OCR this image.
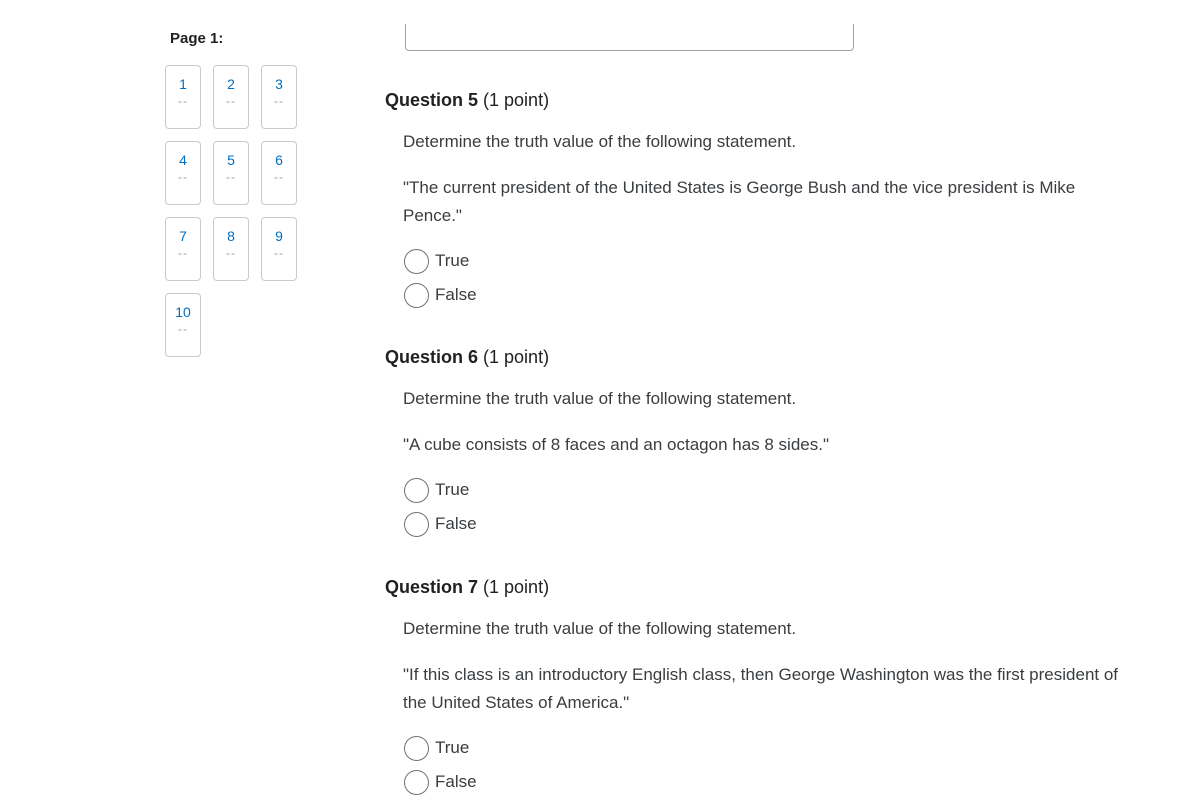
Page 1:
1
--
2
--
3
--
4
--
5
--
6
--
7
--
8
--
9
--
10
--
Question 5 (1 point)
Determine the truth value of the following statement.
"The current president of the United States is George Bush and the vice president is Mike Pence."
True
False
Question 6 (1 point)
Determine the truth value of the following statement.
"A cube consists of 8 faces and an octagon has 8 sides."
True
False
Question 7 (1 point)
Determine the truth value of the following statement.
"If this class is an introductory English class, then George Washington was the first president of the United States of America."
True
False
